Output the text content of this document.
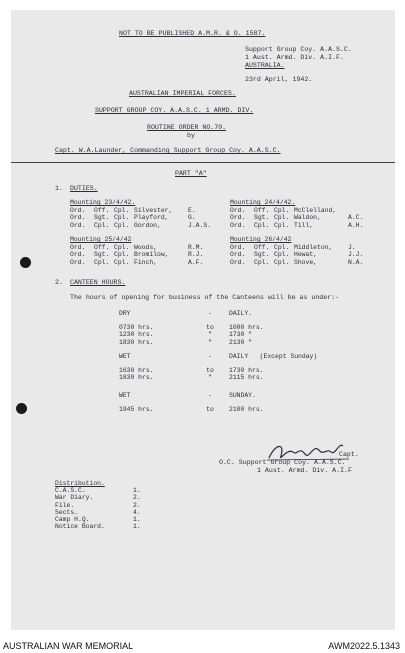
NOT TO BE PUBLISHED A.M.R. & O. 1587.
Support Group Coy. A.A.S.C.
1 Aust. Armd. Div. A.I.F.
AUSTRALIA.
23rd April, 1942.
AUSTRALIAN IMPERIAL FORCES.
SUPPORT GROUP COY. A.A.S.C. 1 ARMD. DIV.
ROUTINE ORDER NO.70.
by
Capt. W.A.Launder, Commanding Support Group Coy. A.A.S.C.
PART "A"
1. DUTIES.
Mounting 23/4/42.
Ord.	Off. Cpl. Silvester,	E.
Ord.	Sgt. Cpl. Playford,	G.
Ord.	Cpl. Cpl. Gordon,	J.A.S.
Mounting 24/4/42.
Ord.	Off. Cpl. McClelland,
Ord.	Sgt. Cpl. Waldon,	A.C.
Ord.	Cpl. Cpl. Till,	A.H.
Mounting 25/4/42
Ord.	Off. Cpl. Woods,	R.M.
Ord.	Sgt. Cpl. Bromilow,	R.J.
Ord.	Cpl. Cpl. Finch,	A.F.
Mounting 26/4/42
Ord.	Off. Cpl. Middleton,	J.
Ord.	Sgt. Cpl. Hewat,	J.J.
Ord.	Cpl. Cpl. Shove,	N.A.
2. CANTEEN HOURS.
The hours of opening for business of the Canteens will be as under:-
DRY	-	DAILY.
0730 hrs.	to	1000 hrs.
1230 hrs.	"	1730 "
1830 hrs.	"	2130 "
WET	-	DAILY   (Except Sunday)
1630 hrs.	to	1730 hrs.
1830 hrs.	"	2115 hrs.
WET	-	SUNDAY.
1945 hrs.	to	2100 hrs.
Capt.
O.C. Support Group Coy. A.A.S.C.
1 Aust. Armd. Div. A.I.F
Distribution.
C.A.S.C.	1.
War Diary.	2.
File.	2.
Sects.	4.
Camp H.Q.	1.
Notice Board.	1.
AUSTRALIAN WAR MEMORIAL	AWM2022.5.1343
